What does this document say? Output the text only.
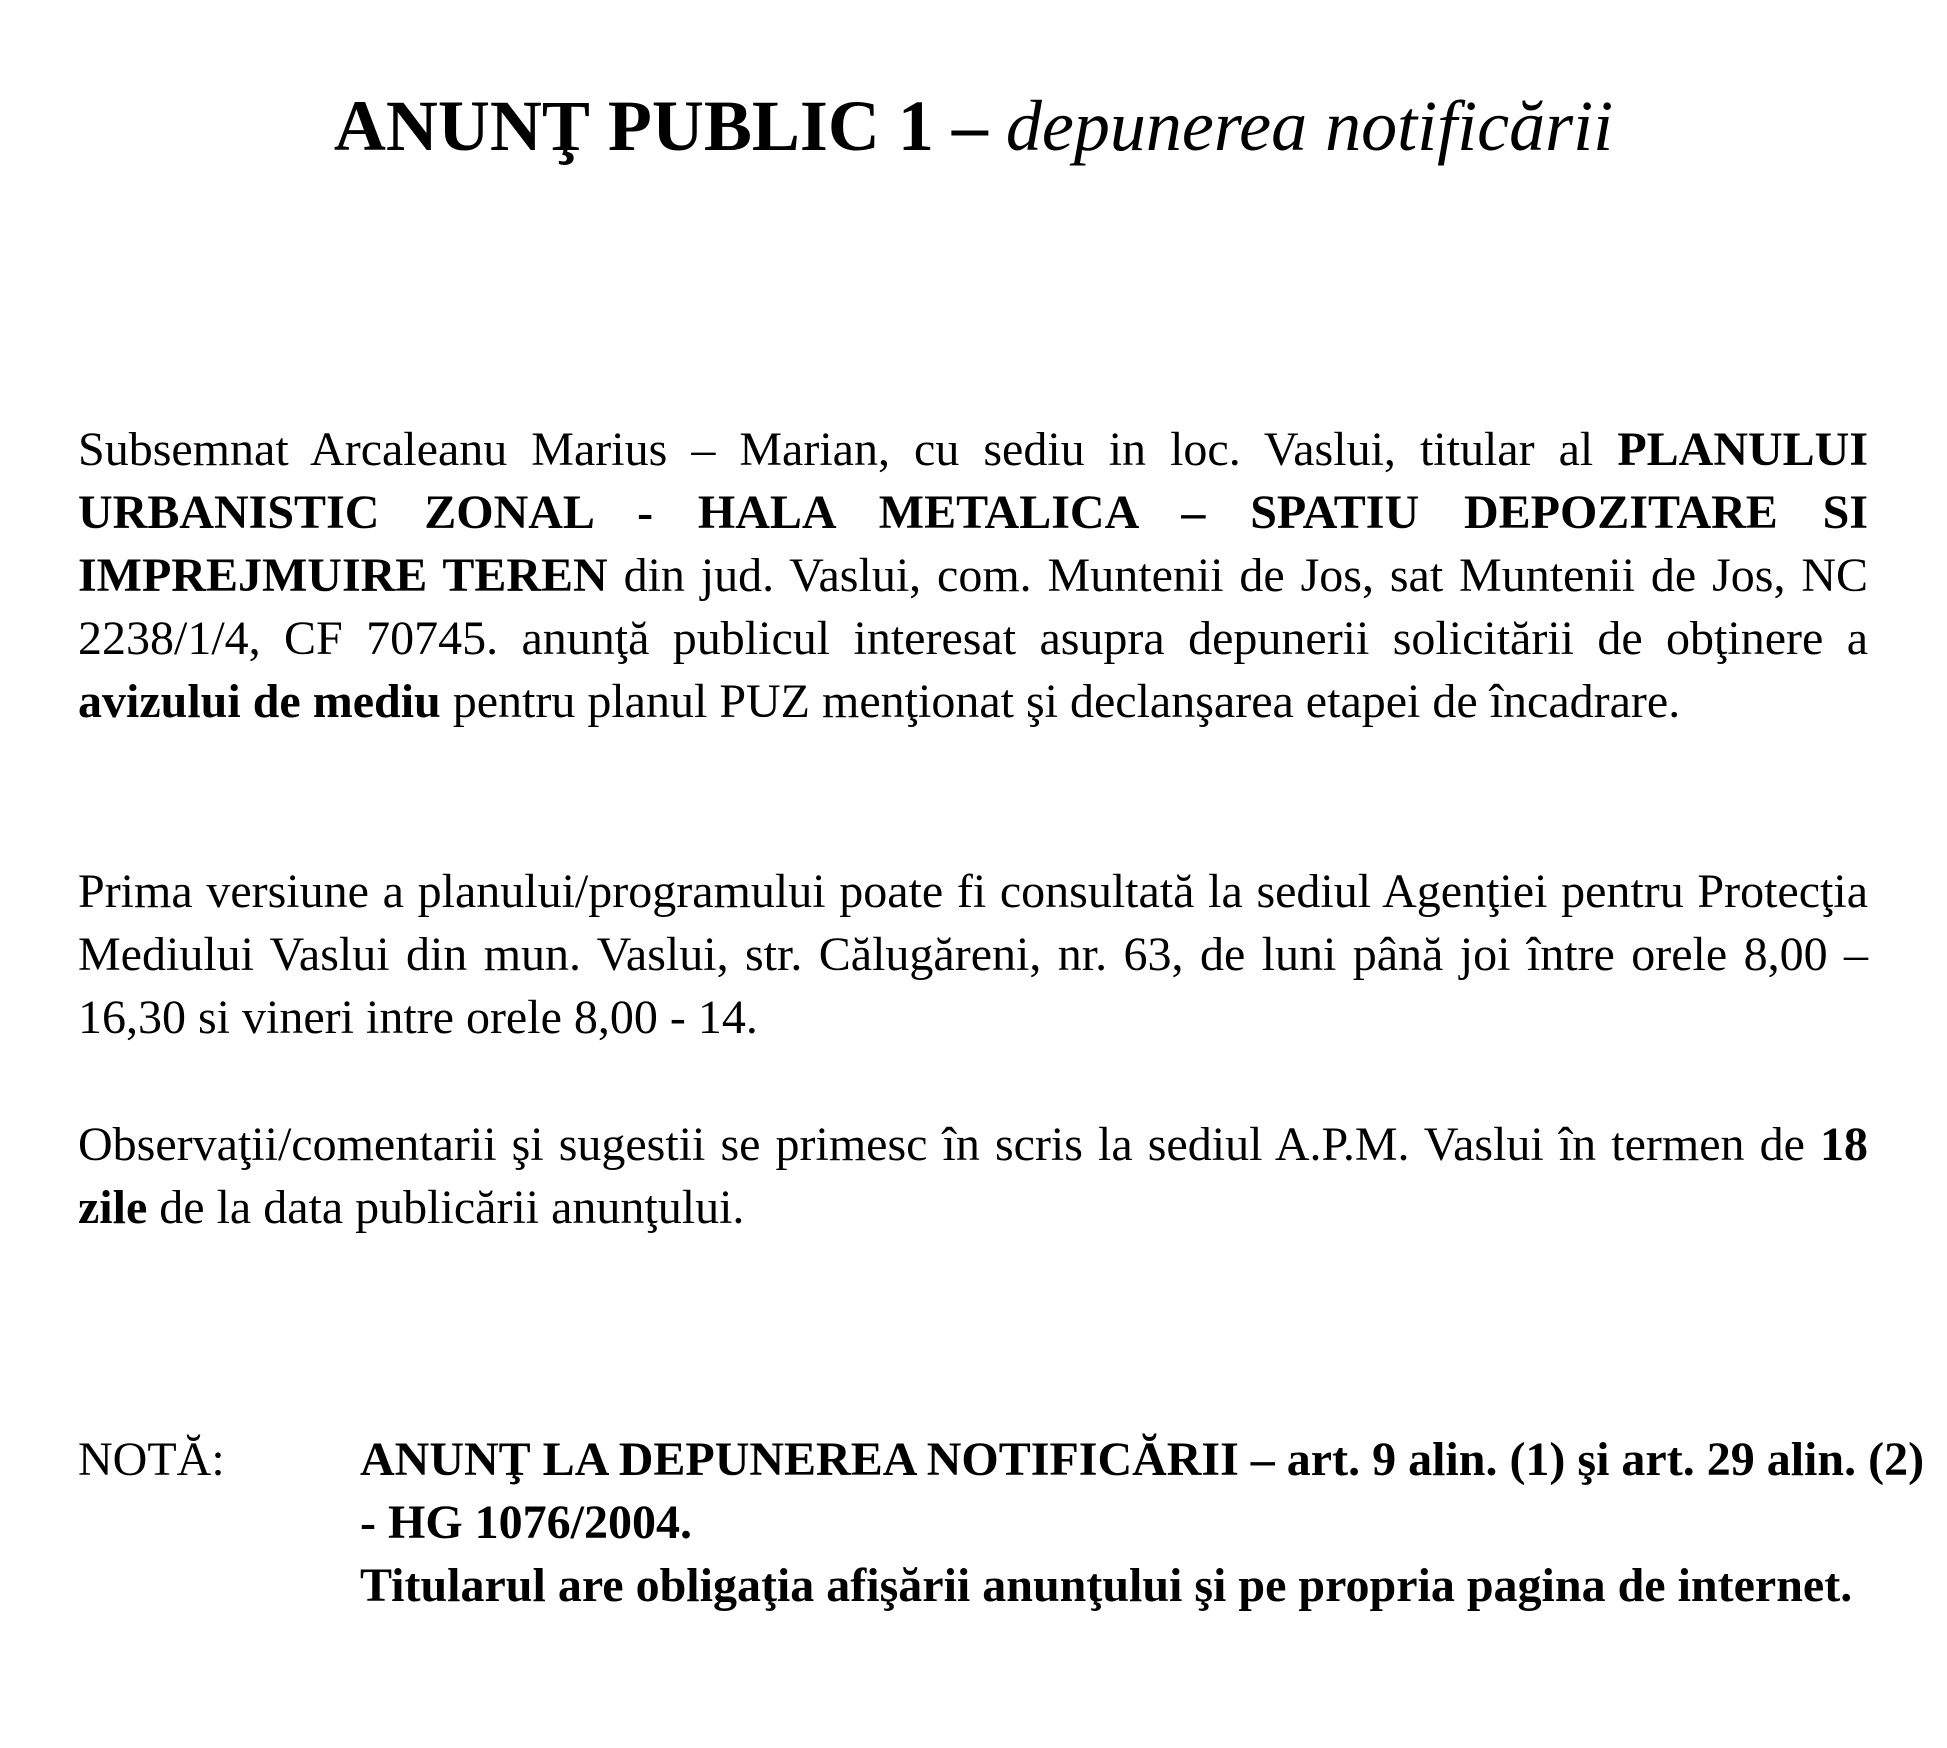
ANUNŢ PUBLIC 1 – depunerea notificării
Subsemnat Arcaleanu Marius – Marian, cu sediu in loc. Vaslui, titular al PLANULUI URBANISTIC ZONAL - HALA METALICA – SPATIU DEPOZITARE SI IMPREJMUIRE TEREN din jud. Vaslui, com. Muntenii de Jos, sat Muntenii de Jos, NC 2238/1/4, CF 70745. anunţă publicul interesat asupra depunerii solicitării de obţinere a avizului de mediu pentru planul PUZ menţionat şi declanşarea etapei de încadrare.
Prima versiune a planului/programului poate fi consultată la sediul Agenţiei pentru Protecţia Mediului Vaslui din mun. Vaslui, str. Călugăreni, nr. 63, de luni până joi între orele 8,00 – 16,30 si vineri intre orele 8,00 - 14.
Observaţii/comentarii şi sugestii se primesc în scris la sediul A.P.M. Vaslui în termen de 18 zile de la data publicării anunţului.
NOTĂ:	ANUNŢ LA DEPUNEREA NOTIFICĂRII – art. 9 alin. (1) şi art. 29 alin. (2) - HG 1076/2004.
Titularul are obligaţia afişării anunţului şi pe propria pagina de internet.
